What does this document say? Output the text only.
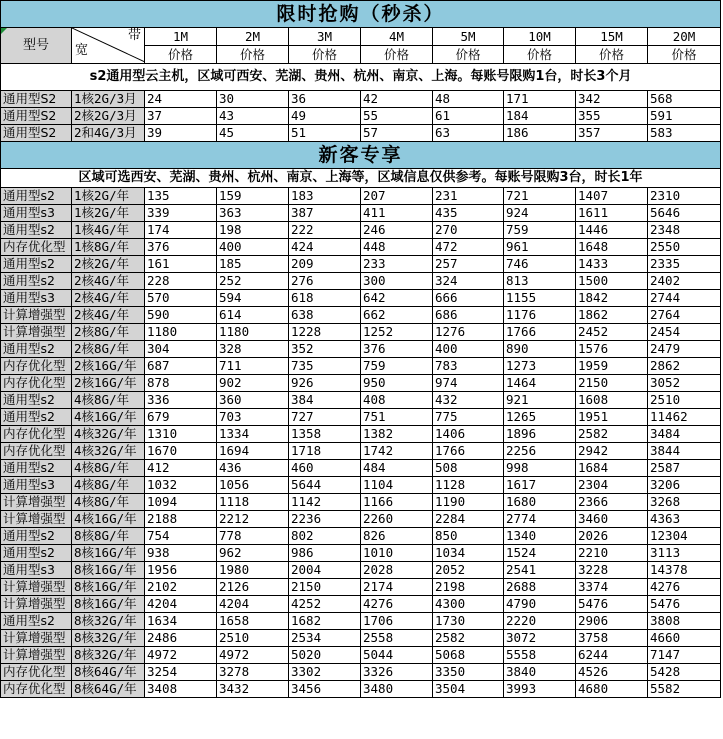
限时抢购（秒杀）									

型号	带
宽	1M	2M	3M	4M	5M	10M	15M	20M
		价格	价格	价格	价格	价格	价格	价格	价格
s2通用型云主机，区域可西安、芜湖、贵州、杭州、南京、上海。每账号限购1台，时长3个月									
通用型S2	1核2G/3月	24	30	36	42	48	171	342	568
通用型S2	2核2G/3月	37	43	49	55	61	184	355	591
通用型S2	2和4G/3月	39	45	51	57	63	186	357	583
新客专享									
区域可选西安、芜湖、贵州、杭州、南京、上海等，区域信息仅供参考。每账号限购3台，时长1年									
通用型s2	1核2G/年	135	159	183	207	231	721	1407	2310
通用型s3	1核2G/年	339	363	387	411	435	924	1611	5646
通用型s2	1核4G/年	174	198	222	246	270	759	1446	2348
内存优化型	1核8G/年	376	400	424	448	472	961	1648	2550
通用型s2	2核2G/年	161	185	209	233	257	746	1433	2335
通用型s2	2核4G/年	228	252	276	300	324	813	1500	2402
通用型s3	2核4G/年	570	594	618	642	666	1155	1842	2744
计算增强型	2核4G/年	590	614	638	662	686	1176	1862	2764
计算增强型	2核8G/年	1180	1180	1228	1252	1276	1766	2452	2454
通用型s2	2核8G/年	304	328	352	376	400	890	1576	2479
内存优化型	2核16G/年	687	711	735	759	783	1273	1959	2862
内存优化型	2核16G/年	878	902	926	950	974	1464	2150	3052
通用型s2	4核8G/年	336	360	384	408	432	921	1608	2510
通用型s2	4核16G/年	679	703	727	751	775	1265	1951	11462
内存优化型	4核32G/年	1310	1334	1358	1382	1406	1896	2582	3484
内存优化型	4核32G/年	1670	1694	1718	1742	1766	2256	2942	3844
通用型s2	4核8G/年	412	436	460	484	508	998	1684	2587
通用型s3	4核8G/年	1032	1056	5644	1104	1128	1617	2304	3206
计算增强型	4核8G/年	1094	1118	1142	1166	1190	1680	2366	3268
计算增强型	4核16G/年	2188	2212	2236	2260	2284	2774	3460	4363
通用型s2	8核8G/年	754	778	802	826	850	1340	2026	12304
通用型s2	8核16G/年	938	962	986	1010	1034	1524	2210	3113
通用型s3	8核16G/年	1956	1980	2004	2028	2052	2541	3228	14378
计算增强型	8核16G/年	2102	2126	2150	2174	2198	2688	3374	4276
计算增强型	8核16G/年	4204	4204	4252	4276	4300	4790	5476	5476
通用型s2	8核32G/年	1634	1658	1682	1706	1730	2220	2906	3808
计算增强型	8核32G/年	2486	2510	2534	2558	2582	3072	3758	4660
计算增强型	8核32G/年	4972	4972	5020	5044	5068	5558	6244	7147
内存优化型	8核64G/年	3254	3278	3302	3326	3350	3840	4526	5428
内存优化型	8核64G/年	3408	3432	3456	3480	3504	3993	4680	5582
